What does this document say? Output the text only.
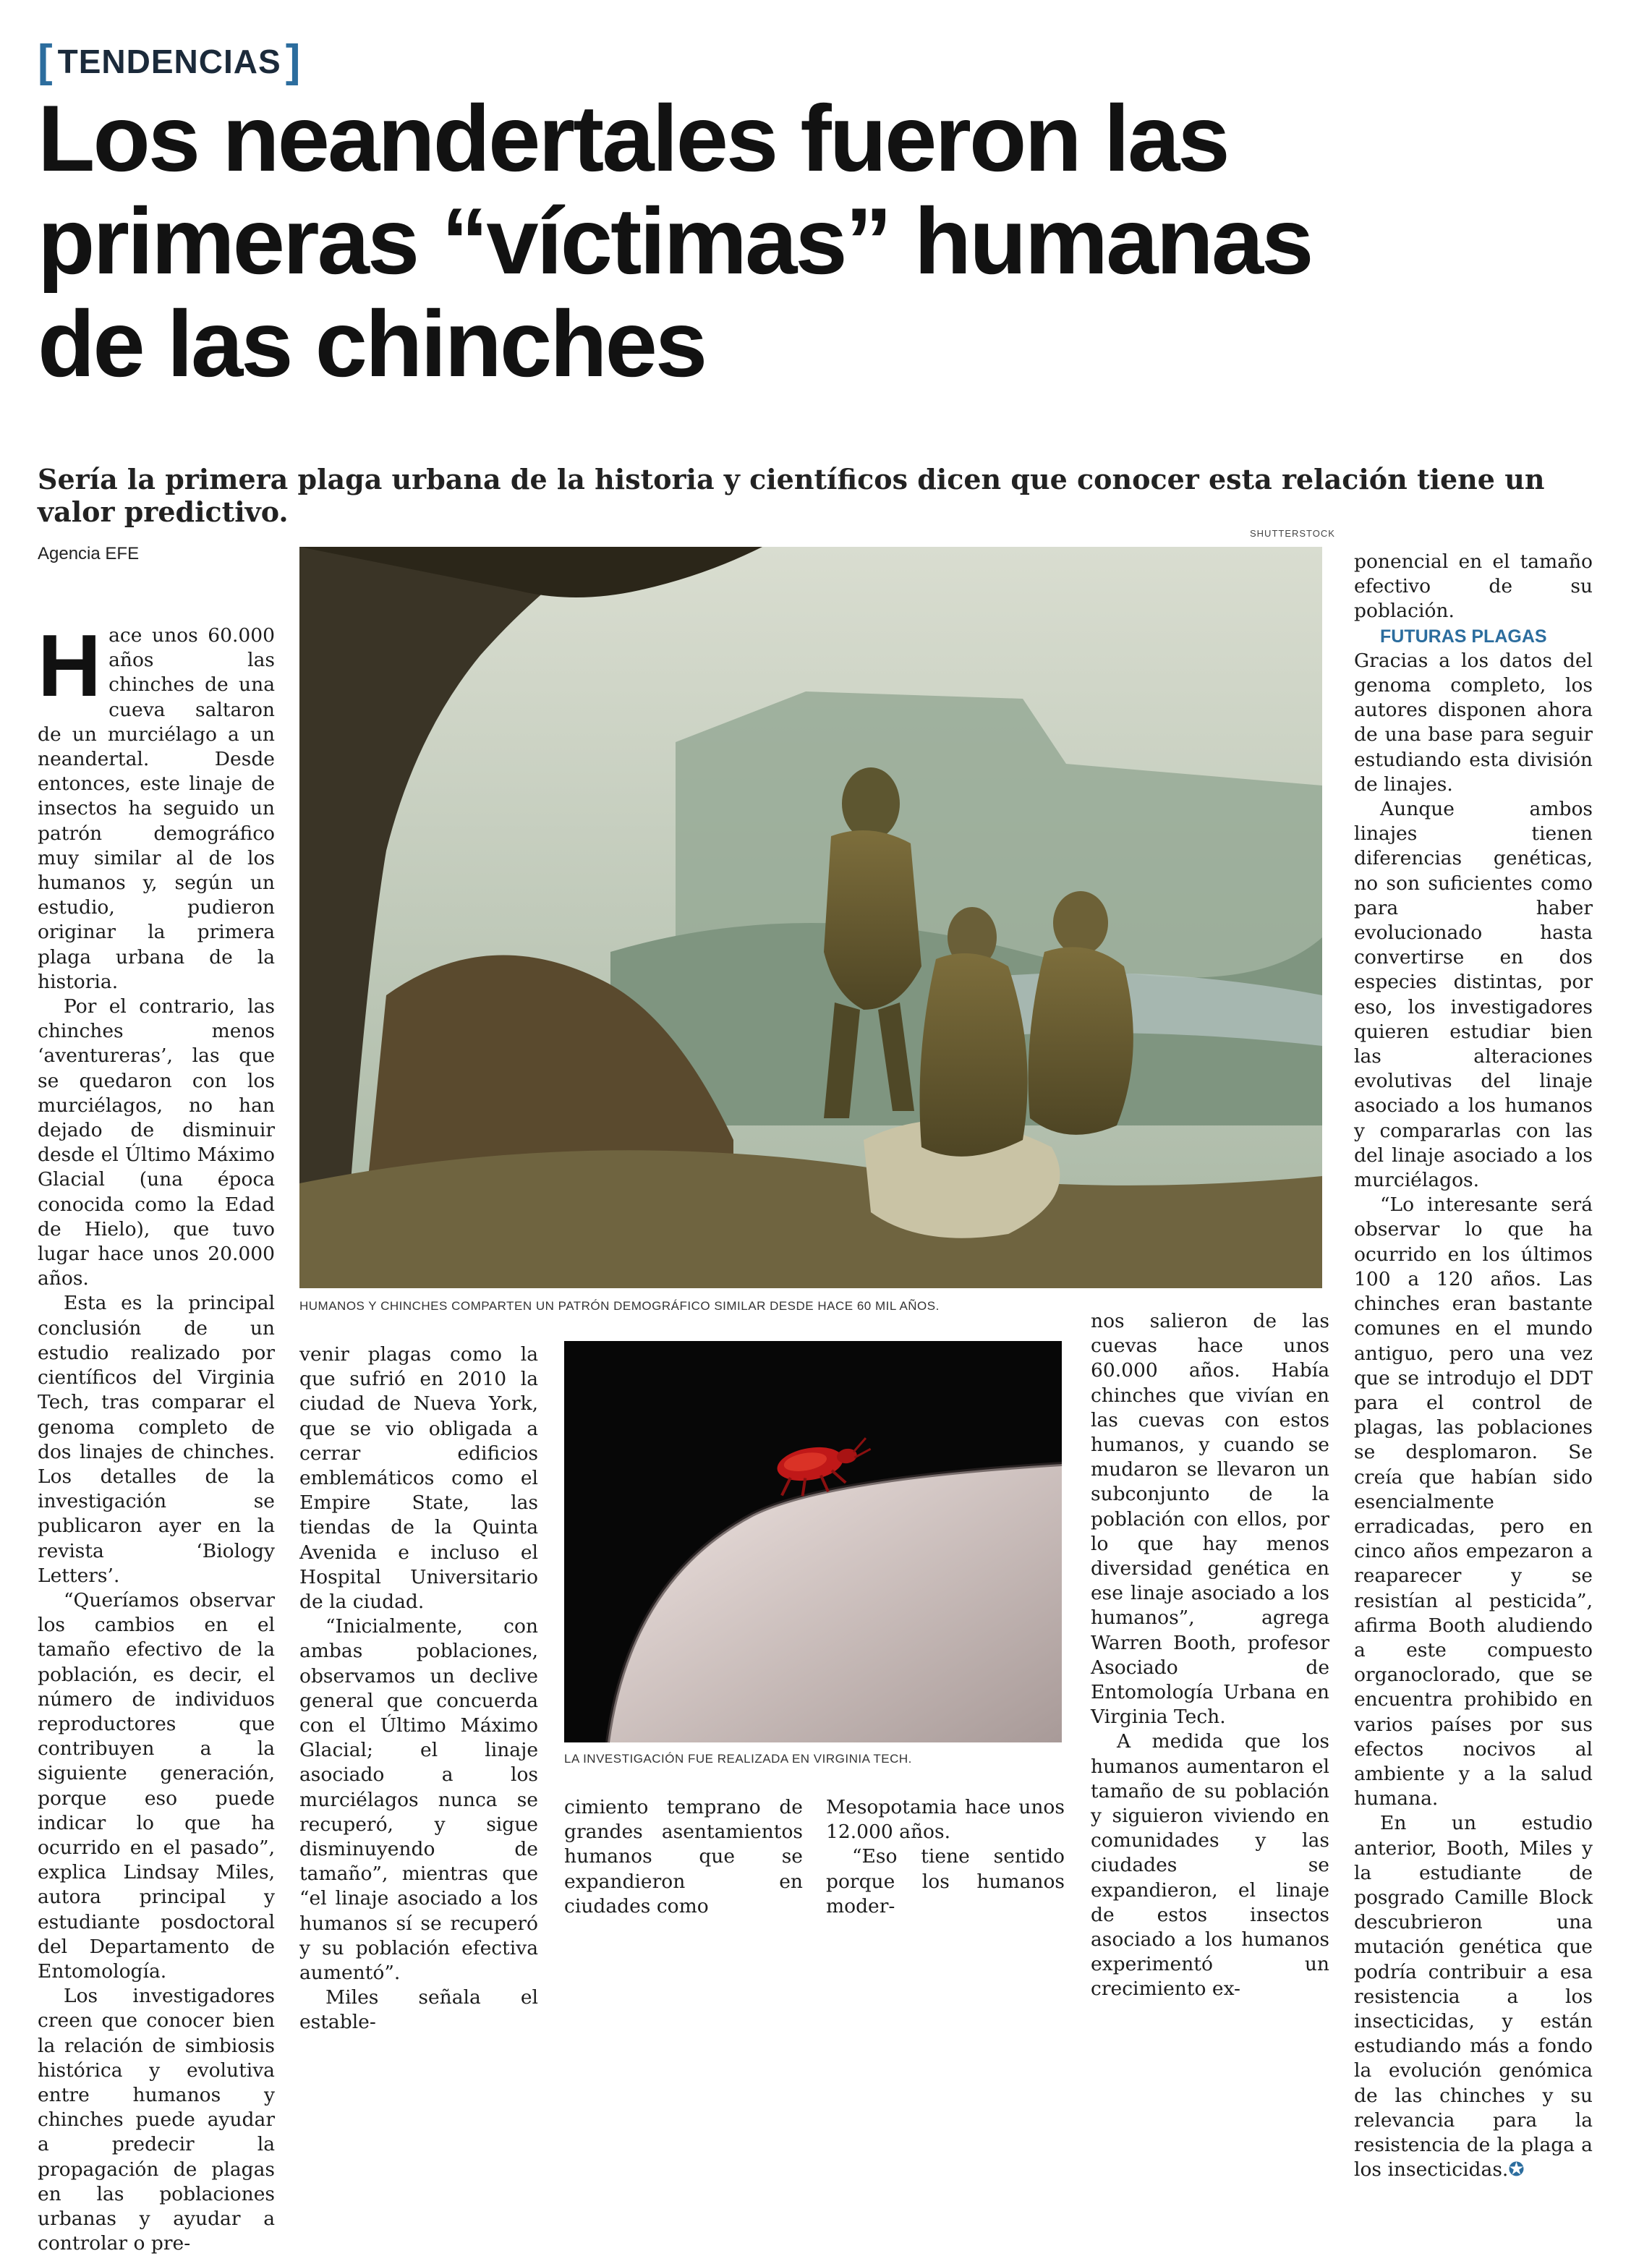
[ TENDENCIAS ]
Los neandertales fueron las
primeras “víctimas” humanas
de las chinches
Sería la primera plaga urbana de la historia y científicos dicen que conocer esta relación tiene un valor predictivo.
Agencia EFE
SHUTTERSTOCK
HUMANOS Y CHINCHES COMPARTEN UN PATRÓN DEMOGRÁFICO SIMILAR DESDE HACE 60 MIL AÑOS.
LA INVESTIGACIÓN FUE REALIZADA EN VIRGINIA TECH.

Hace unos 60.000 años las chinches de una cueva saltaron de un murciélago a un neandertal. Desde entonces, este linaje de insectos ha seguido un patrón demográfico muy similar al de los humanos y, según un estudio, pudieron originar la primera plaga urbana de la historia.

Por el contrario, las chinches menos ‘aventureras’, las que se quedaron con los murciélagos, no han dejado de disminuir desde el Último Máximo Glacial (una época conocida como la Edad de Hielo), que tuvo lugar hace unos 20.000 años.

Esta es la principal conclusión de un estudio realizado por científicos del Virginia Tech, tras comparar el genoma completo de dos linajes de chinches. Los detalles de la investigación se publicaron ayer en la revista ‘Biology Letters’.

“Queríamos observar los cambios en el tamaño efectivo de la población, es decir, el número de individuos reproductores que contribuyen a la siguiente generación, porque eso puede indicar lo que ha ocurrido en el pasado”, explica Lindsay Miles, autora principal y estudiante posdoctoral del Departamento de Entomología.

Los investigadores creen que conocer bien la relación de simbiosis histórica y evolutiva entre humanos y chinches puede ayudar a predecir la propagación de plagas en las poblaciones urbanas y ayudar a controlar o pre-

venir plagas como la que sufrió en 2010 la ciudad de Nueva York, que se vio obligada a cerrar edificios emblemáticos como el Empire State, las tiendas de la Quinta Avenida e incluso el Hospital Universitario de la ciudad.

“Inicialmente, con ambas poblaciones, observamos un declive general que concuerda con el Último Máximo Glacial; el linaje asociado a los murciélagos nunca se recuperó, y sigue disminuyendo de tamaño”, mientras que “el linaje asociado a los humanos sí se recuperó y su población efectiva aumentó”.

Miles señala el estable-

cimiento temprano de grandes asentamientos humanos que se expandieron en ciudades como

Mesopotamia hace unos 12.000 años.

“Eso tiene sentido porque los humanos moder-

nos salieron de las cuevas hace unos 60.000 años. Había chinches que vivían en las cuevas con estos humanos, y cuando se mudaron se llevaron un subconjunto de la población con ellos, por lo que hay menos diversidad genética en ese linaje asociado a los humanos”, agrega Warren Booth, profesor Asociado de Entomología Urbana en Virginia Tech.

A medida que los humanos aumentaron el tamaño de su población y siguieron viviendo en comunidades y las ciudades se expandieron, el linaje de estos insectos asociado a los humanos experimentó un crecimiento ex-

ponencial en el tamaño efectivo de su población.

FUTURAS PLAGAS

Gracias a los datos del genoma completo, los autores disponen ahora de una base para seguir estudiando esta división de linajes.

Aunque ambos linajes tienen diferencias genéticas, no son suficientes como para haber evolucionado hasta convertirse en dos especies distintas, por eso, los investigadores quieren estudiar bien las alteraciones evolutivas del linaje asociado a los humanos y compararlas con las del linaje asociado a los murciélagos.

“Lo interesante será observar lo que ha ocurrido en los últimos 100 a 120 años. Las chinches eran bastante comunes en el mundo antiguo, pero una vez que se introdujo el DDT para el control de plagas, las poblaciones se desplomaron. Se creía que habían sido esencialmente erradicadas, pero en cinco años empezaron a reaparecer y se resistían al pesticida”, afirma Booth aludiendo a este compuesto organoclorado, que se encuentra prohibido en varios países por sus efectos nocivos al ambiente y a la salud humana.

En un estudio anterior, Booth, Miles y la estudiante de posgrado Camille Block descubrieron una mutación genética que podría contribuir a esa resistencia a los insecticidas, y están estudiando más a fondo la evolución genómica de las chinches y su relevancia para la resistencia de la plaga a los insecticidas.✪
